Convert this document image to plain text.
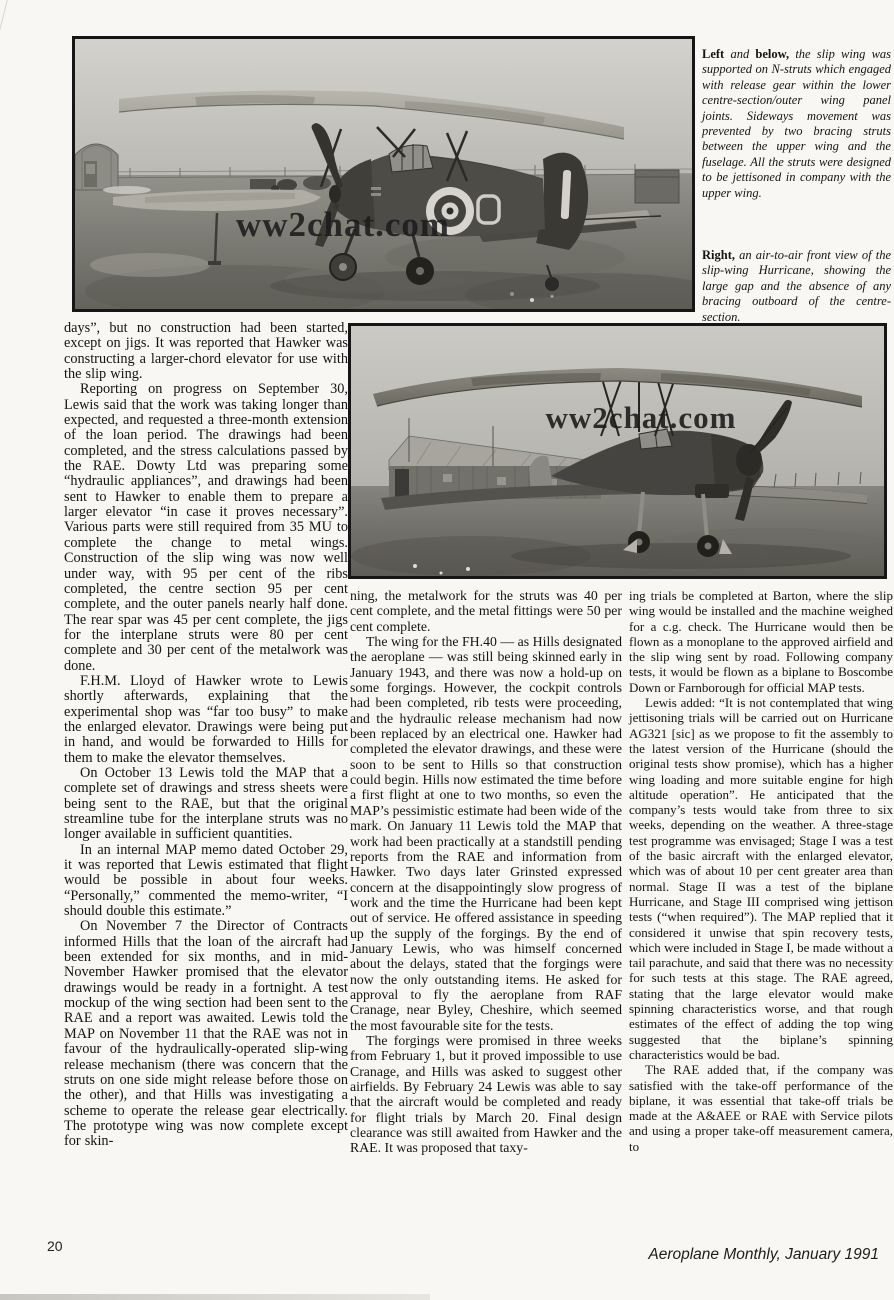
ww2chat.com
ww2chat.com
Left and below, the slip wing was supported on N-struts which engaged with release gear within the lower centre-section/outer wing panel joints. Sideways movement was prevented by two bracing struts between the upper wing and the fuselage. All the struts were designed to be jettisoned in company with the upper wing.
Right, an air-to-air front view of the slip-wing Hurricane, showing the large gap and the absence of any bracing outboard of the centre-section.

days”, but no construction had been started, except on jigs. It was reported that Hawker was constructing a larger-chord elevator for use with the slip wing.

Reporting on progress on September 30, Lewis said that the work was taking longer than expected, and requested a three-month extension of the loan period. The drawings had been completed, and the stress calculations passed by the RAE. Dowty Ltd was preparing some “hydraulic appliances”, and drawings had been sent to Hawker to enable them to prepare a larger elevator “in case it proves necessary”. Various parts were still required from 35 MU to complete the change to metal wings. Construction of the slip wing was now well under way, with 95 per cent of the ribs completed, the centre section 95 per cent complete, and the outer panels nearly half done. The rear spar was 45 per cent complete, the jigs for the interplane struts were 80 per cent complete and 30 per cent of the metalwork was done.

F.H.M. Lloyd of Hawker wrote to Lewis shortly afterwards, explaining that the experimental shop was “far too busy” to make the enlarged elevator. Drawings were being put in hand, and would be forwarded to Hills for them to make the elevator themselves.

On October 13 Lewis told the MAP that a complete set of drawings and stress sheets were being sent to the RAE, but that the original streamline tube for the interplane struts was no longer available in sufficient quantities.

In an internal MAP memo dated October 29, it was reported that Lewis estimated that flight would be possible in about four weeks. “Personally,” commented the memo-writer, “I should double this estimate.”

On November 7 the Director of Contracts informed Hills that the loan of the aircraft had been extended for six months, and in mid-November Hawker promised that the elevator drawings would be ready in a fortnight. A test mockup of the wing section had been sent to the RAE and a report was awaited. Lewis told the MAP on November 11 that the RAE was not in favour of the hydraulically-operated slip-wing release mechanism (there was concern that the struts on one side might release before those on the other), and that Hills was investigating a scheme to operate the release gear electrically. The prototype wing was now complete except for skin-

ning, the metalwork for the struts was 40 per cent complete, and the metal fittings were 50 per cent complete.

The wing for the FH.40 — as Hills designated the aeroplane — was still being skinned early in January 1943, and there was now a hold-up on some forgings. However, the cockpit controls had been completed, rib tests were proceeding, and the hydraulic release mechanism had now been replaced by an electrical one. Hawker had completed the elevator drawings, and these were soon to be sent to Hills so that construction could begin. Hills now estimated the time before a first flight at one to two months, so even the MAP’s pessimistic estimate had been wide of the mark. On January 11 Lewis told the MAP that work had been practically at a standstill pending reports from the RAE and information from Hawker. Two days later Grinsted expressed concern at the disappointingly slow progress of work and the time the Hurricane had been kept out of service. He offered assistance in speeding up the supply of the forgings. By the end of January Lewis, who was himself concerned about the delays, stated that the forgings were now the only outstanding items. He asked for approval to fly the aeroplane from RAF Cranage, near Byley, Cheshire, which seemed the most favourable site for the tests.

The forgings were promised in three weeks from February 1, but it proved impossible to use Cranage, and Hills was asked to suggest other airfields. By February 24 Lewis was able to say that the aircraft would be completed and ready for flight trials by March 20. Final design clearance was still awaited from Hawker and the RAE. It was proposed that taxy-

ing trials be completed at Barton, where the slip wing would be installed and the machine weighed for a c.g. check. The Hurricane would then be flown as a monoplane to the approved airfield and the slip wing sent by road. Following company tests, it would be flown as a biplane to Boscombe Down or Farnborough for official MAP tests.

Lewis added: “It is not contemplated that wing jettisoning trials will be carried out on Hurricane AG321 [sic] as we propose to fit the assembly to the latest version of the Hurricane (should the original tests show promise), which has a higher wing loading and more suitable engine for high altitude operation”. He anticipated that the company’s tests would take from three to six weeks, depending on the weather. A three-stage test programme was envisaged; Stage I was a test of the basic aircraft with the enlarged elevator, which was of about 10 per cent greater area than normal. Stage II was a test of the biplane Hurricane, and Stage III comprised wing jettison tests (“when required”). The MAP replied that it considered it unwise that spin recovery tests, which were included in Stage I, be made without a tail parachute, and said that there was no necessity for such tests at this stage. The RAE agreed, stating that the large elevator would make spinning characteristics worse, and that rough estimates of the effect of adding the top wing suggested that the biplane’s spinning characteristics would be bad.

The RAE added that, if the company was satisfied with the take-off performance of the biplane, it was essential that take-off trials be made at the A&AEE or RAE with Service pilots and using a proper take-off measurement camera, to

20	Aeroplane Monthly, January 1991
